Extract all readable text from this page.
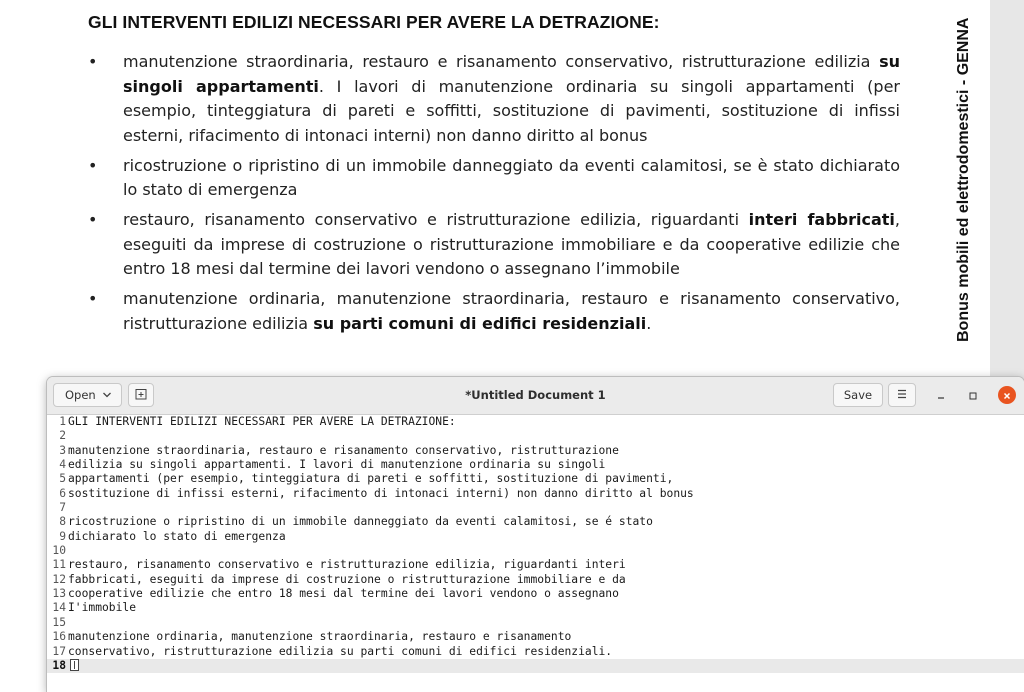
GLI INTERVENTI EDILIZI NECESSARI PER AVERE LA DETRAZIONE:
• manutenzione straordinaria, restauro e risanamento conservativo, ristrutturazione edilizia su singoli appartamenti. I lavori di manutenzione ordinaria su singoli appartamenti (per esempio, tinteggiatura di pareti e soffitti, sostituzione di pavimenti, sostituzione di infissi esterni, rifacimento di intonaci interni) non danno diritto al bonus
• ricostruzione o ripristino di un immobile danneggiato da eventi calamitosi, se è stato dichiarato lo stato di emergenza
• restauro, risanamento conservativo e ristrutturazione edilizia, riguardanti interi fabbricati, eseguiti da imprese di costruzione o ristrutturazione immobiliare e da cooperative edilizie che entro 18 mesi dal termine dei lavori vendono o assegnano l’immobile
• manutenzione ordinaria, manutenzione straordinaria, restauro e risanamento conservativo, ristrutturazione edilizia su parti comuni di edifici residenziali.	Bonus mobili ed elettrodomestici - GENNA
Open	*Untitled Document 1	Save
1 GLI INTERVENTI EDILIZI NECESSARI PER AVERE LA DETRAZIONE:
2
3 manutenzione straordinaria, restauro e risanamento conservativo, ristrutturazione
4 edilizia su singoli appartamenti. I lavori di manutenzione ordinaria su singoli
5 appartamenti (per esempio, tinteggiatura di pareti e soffitti, sostituzione di pavimenti,
6 sostituzione di infissi esterni, rifacimento di intonaci interni) non danno diritto al bonus
7
8 ricostruzione o ripristino di un immobile danneggiato da eventi calamitosi, se é stato
9 dichiarato lo stato di emergenza
10
11 restauro, risanamento conservativo e ristrutturazione edilizia, riguardanti interi
12 fabbricati, eseguiti da imprese di costruzione o ristrutturazione immobiliare e da
13 cooperative edilizie che entro 18 mesi dal termine dei lavori vendono o assegnano
14 I'immobile
15
16 manutenzione ordinaria, manutenzione straordinaria, restauro e risanamento
17 conservativo, ristrutturazione edilizia su parti comuni di edifici residenziali.
18
